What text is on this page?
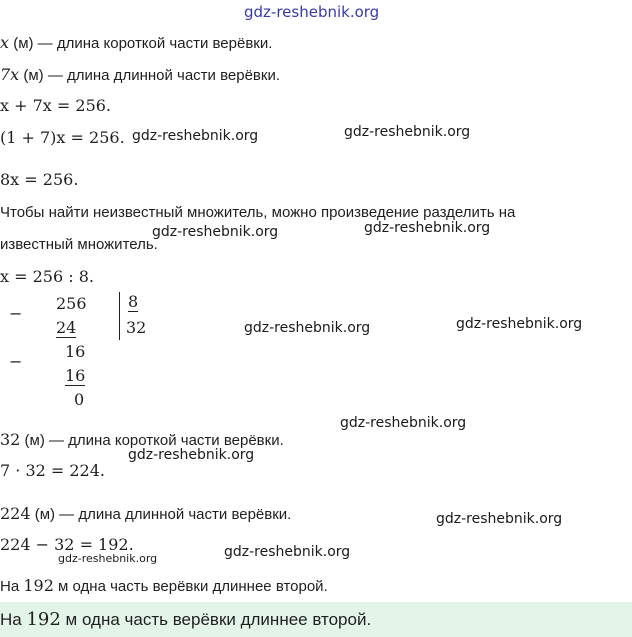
gdz-reshebnik.org
x (м) — длина короткой части верёвки.
7x (м) — длина длинной части верёвки.
x + 7x = 256.
(1 + 7)x = 256. gdz-reshebnik.org	gdz-reshebnik.org
8x = 256.
Чтобы найти неизвестный множитель, можно произведение разделить на
gdz-reshebnik.org	gdz-reshebnik.org
известный множитель.
x = 256 : 8.
−
256
24
8
32
−
16
16
0
gdz-reshebnik.org	gdz-reshebnik.org
gdz-reshebnik.org
32 (м) — длина короткой части верёвки.
gdz-reshebnik.org
7 · 32 = 224.
224 (м) — длина длинной части верёвки.	gdz-reshebnik.org
224 − 32 = 192.
gdz-reshebnik.org	gdz-reshebnik.org
На 192 м одна часть верёвки длиннее второй.
На 192 м одна часть верёвки длиннее второй.
